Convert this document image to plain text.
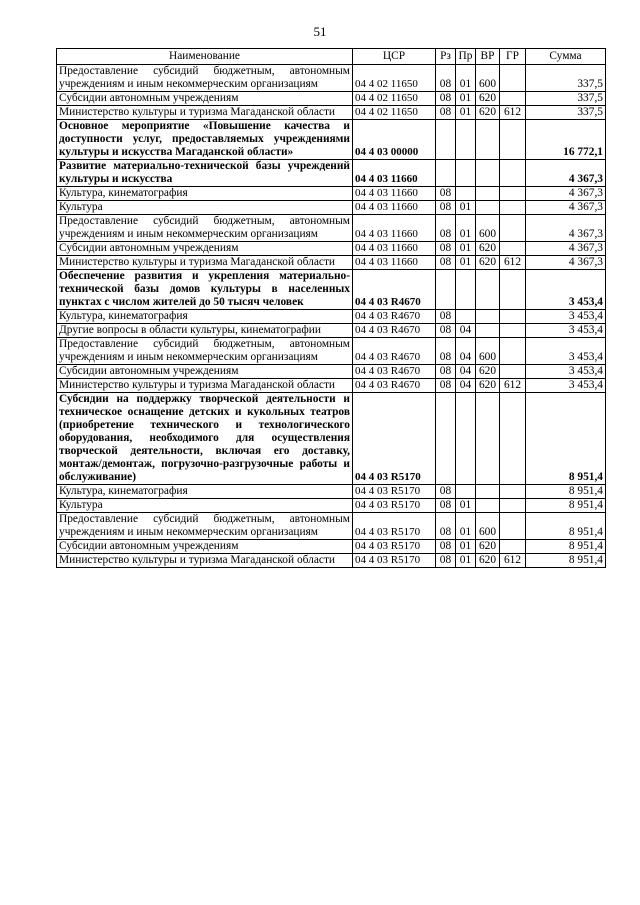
51
Наименование	ЦСР	Рз	Пр	ВР	ГР	Сумма
Предоставление субсидий бюджетным, автономным учреждениям и иным некоммерческим организациям	04 4 02 11650	08	01	600		337,5
Субсидии автономным учреждениям	04 4 02 11650	08	01	620		337,5
Министерство культуры и туризма Магаданской области	04 4 02 11650	08	01	620	612	337,5
Основное мероприятие «Повышение качества и доступности услуг, предоставляемых учреждениями культуры и искусства Магаданской области»	04 4 03 00000					16 772,1
Развитие материально-технической базы учреждений культуры и искусства	04 4 03 11660					4 367,3
Культура, кинематография	04 4 03 11660	08				4 367,3
Культура	04 4 03 11660	08	01			4 367,3
Предоставление субсидий бюджетным, автономным учреждениям и иным некоммерческим организациям	04 4 03 11660	08	01	600		4 367,3
Субсидии автономным учреждениям	04 4 03 11660	08	01	620		4 367,3
Министерство культуры и туризма Магаданской области	04 4 03 11660	08	01	620	612	4 367,3
Обеспечение развития и укрепления материально-технической базы домов культуры в населенных пунктах с числом жителей до 50 тысяч человек	04 4 03 R4670					3 453,4
Культура, кинематография	04 4 03 R4670	08				3 453,4
Другие вопросы в области культуры, кинематографии	04 4 03 R4670	08	04			3 453,4
Предоставление субсидий бюджетным, автономным учреждениям и иным некоммерческим организациям	04 4 03 R4670	08	04	600		3 453,4
Субсидии автономным учреждениям	04 4 03 R4670	08	04	620		3 453,4
Министерство культуры и туризма Магаданской области	04 4 03 R4670	08	04	620	612	3 453,4
Субсидии на поддержку творческой деятельности и техническое оснащение детских и кукольных театров (приобретение технического и технологического оборудования, необходимого для осуществления творческой деятельности, включая его доставку, монтаж/демонтаж, погрузочно-разгрузочные работы и обслуживание)	04 4 03 R5170					8 951,4
Культура, кинематография	04 4 03 R5170	08				8 951,4
Культура	04 4 03 R5170	08	01			8 951,4
Предоставление субсидий бюджетным, автономным учреждениям и иным некоммерческим организациям	04 4 03 R5170	08	01	600		8 951,4
Субсидии автономным учреждениям	04 4 03 R5170	08	01	620		8 951,4
Министерство культуры и туризма Магаданской области	04 4 03 R5170	08	01	620	612	8 951,4
